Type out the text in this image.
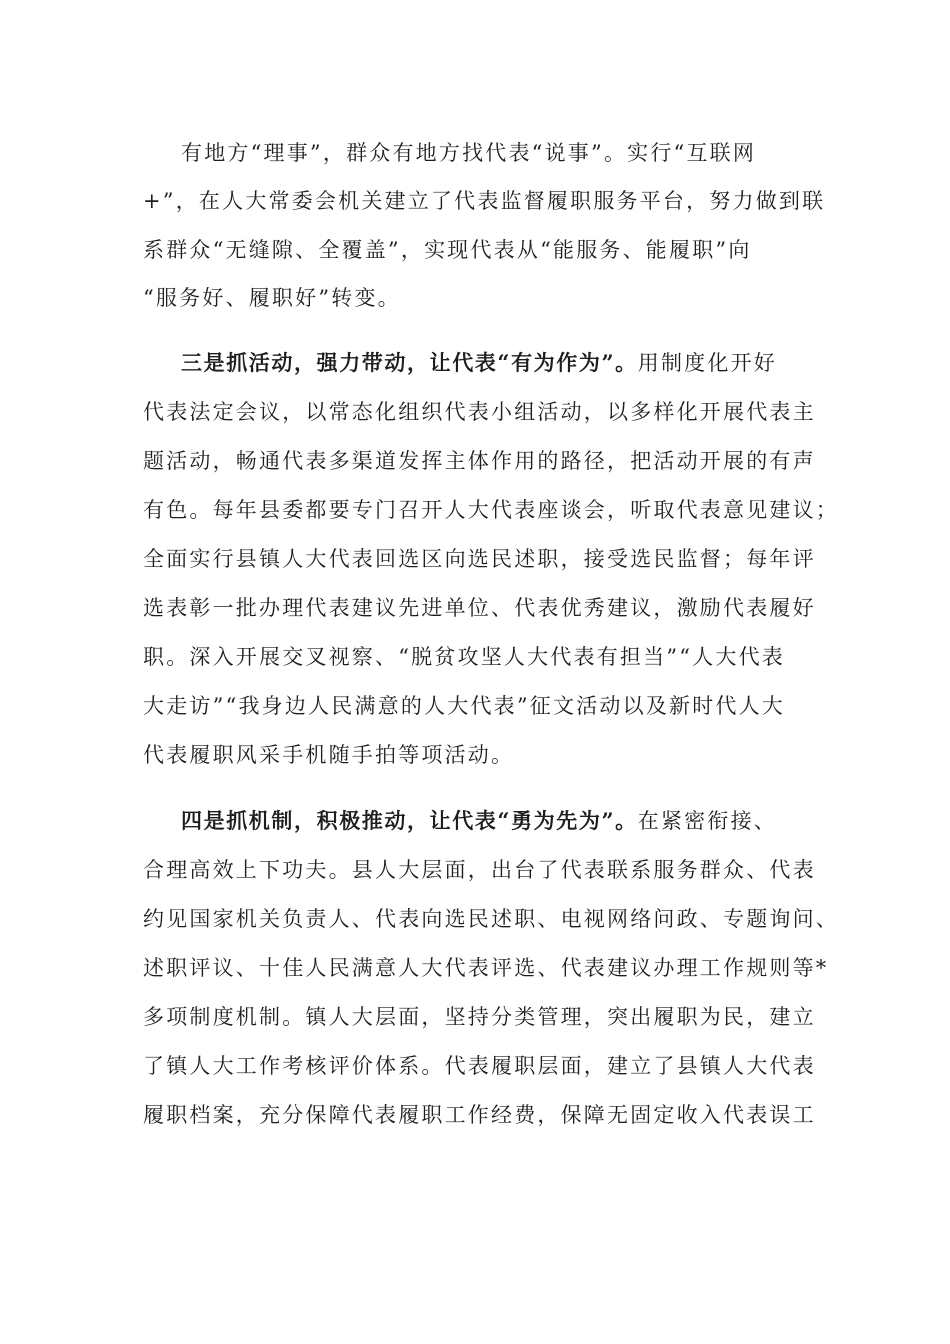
有地方“理事”，群众有地方找代表“说事”。实行“互联网
+”，在人大常委会机关建立了代表监督履职服务平台，努力做到联
系群众“无缝隙、全覆盖”，实现代表从“能服务、能履职”向
“服务好、履职好”转变。
三是抓活动，强力带动，让代表“有为作为”。用制度化开好
代表法定会议，以常态化组织代表小组活动，以多样化开展代表主
题活动，畅通代表多渠道发挥主体作用的路径，把活动开展的有声
有色。每年县委都要专门召开人大代表座谈会，听取代表意见建议；
全面实行县镇人大代表回选区向选民述职，接受选民监督；每年评
选表彰一批办理代表建议先进单位、代表优秀建议，激励代表履好
职。深入开展交叉视察、“脱贫攻坚人大代表有担当”“人大代表
大走访”“我身边人民满意的人大代表”征文活动以及新时代人大
代表履职风采手机随手拍等项活动。
四是抓机制，积极推动，让代表“勇为先为”。在紧密衔接、
合理高效上下功夫。县人大层面，出台了代表联系服务群众、代表
约见国家机关负责人、代表向选民述职、电视网络问政、专题询问、
述职评议、十佳人民满意人大代表评选、代表建议办理工作规则等*
多项制度机制。镇人大层面，坚持分类管理，突出履职为民，建立
了镇人大工作考核评价体系。代表履职层面，建立了县镇人大代表
履职档案，充分保障代表履职工作经费，保障无固定收入代表误工
